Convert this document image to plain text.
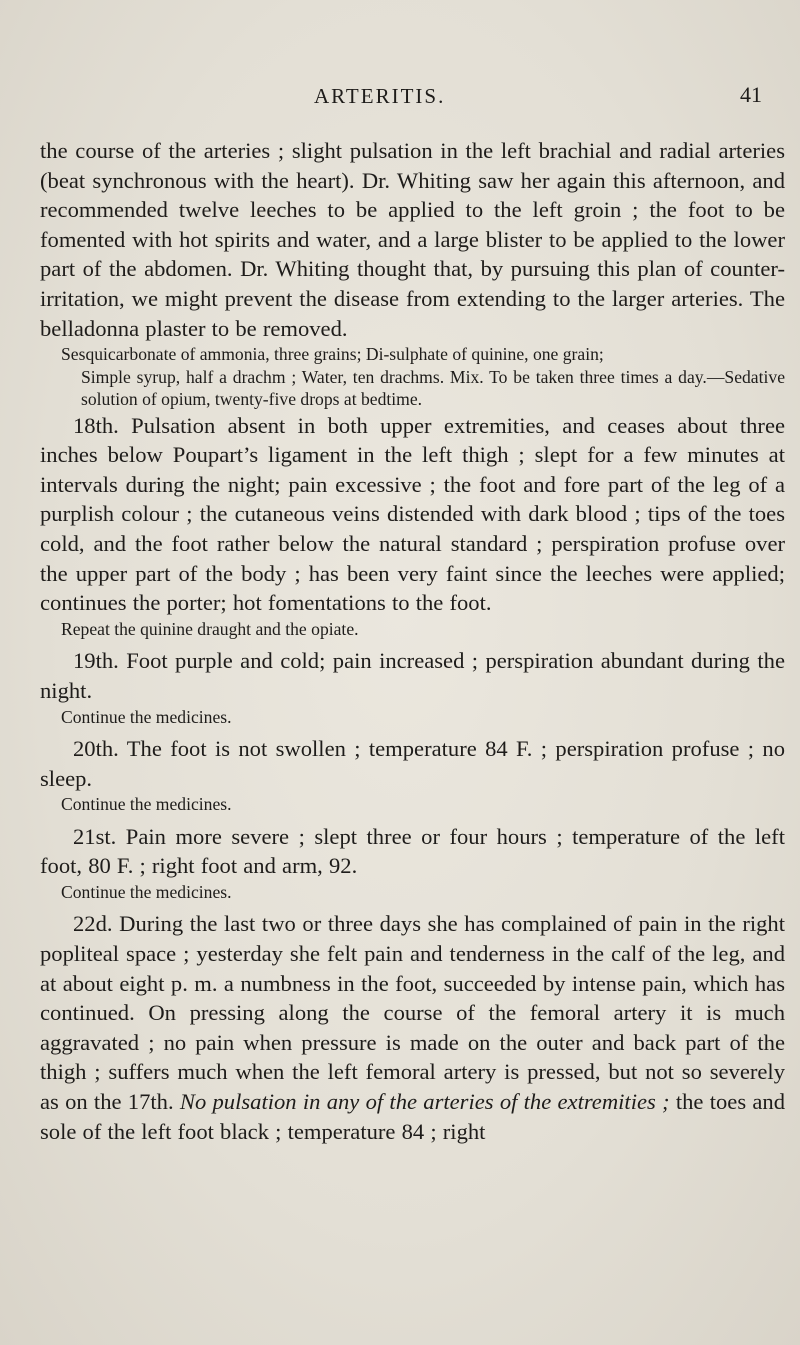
ARTERITIS.	41

the course of the arteries ; slight pulsation in the left brachial and radial arteries (beat synchronous with the heart). Dr. Whiting saw her again this afternoon, and recommended twelve leeches to be applied to the left groin ; the foot to be fomented with hot spirits and water, and a large blister to be applied to the lower part of the abdomen. Dr. Whiting thought that, by pursuing this plan of counter-irritation, we might prevent the disease from extending to the larger arteries. The belladonna plaster to be removed.

Sesquicarbonate of ammonia, three grains; Di-sulphate of quinine, one grain;
Simple syrup, half a drachm ; Water, ten drachms. Mix. To be taken three times a day.—Sedative solution of opium, twenty-five drops at bedtime.

18th. Pulsation absent in both upper extremities, and ceases about three inches below Poupart’s ligament in the left thigh ; slept for a few minutes at intervals during the night; pain excessive ; the foot and fore part of the leg of a purplish colour ; the cutaneous veins distended with dark blood ; tips of the toes cold, and the foot rather below the natural standard ; perspiration profuse over the upper part of the body ; has been very faint since the leeches were applied; continues the porter; hot fomentations to the foot.

Repeat the quinine draught and the opiate.

19th. Foot purple and cold; pain increased ; perspiration abundant during the night.

Continue the medicines.

20th. The foot is not swollen ; temperature 84 F. ; perspiration profuse ; no sleep.

Continue the medicines.

21st. Pain more severe ; slept three or four hours ; temperature of the left foot, 80 F. ; right foot and arm, 92.

Continue the medicines.

22d. During the last two or three days she has complained of pain in the right popliteal space ; yesterday she felt pain and tenderness in the calf of the leg, and at about eight p. m. a numbness in the foot, succeeded by intense pain, which has continued. On pressing along the course of the femoral artery it is much aggravated ; no pain when pressure is made on the outer and back part of the thigh ; suffers much when the left femoral artery is pressed, but not so severely as on the 17th. No pulsation in any of the arteries of the extremities ; the toes and sole of the left foot black ; temperature 84 ; right
